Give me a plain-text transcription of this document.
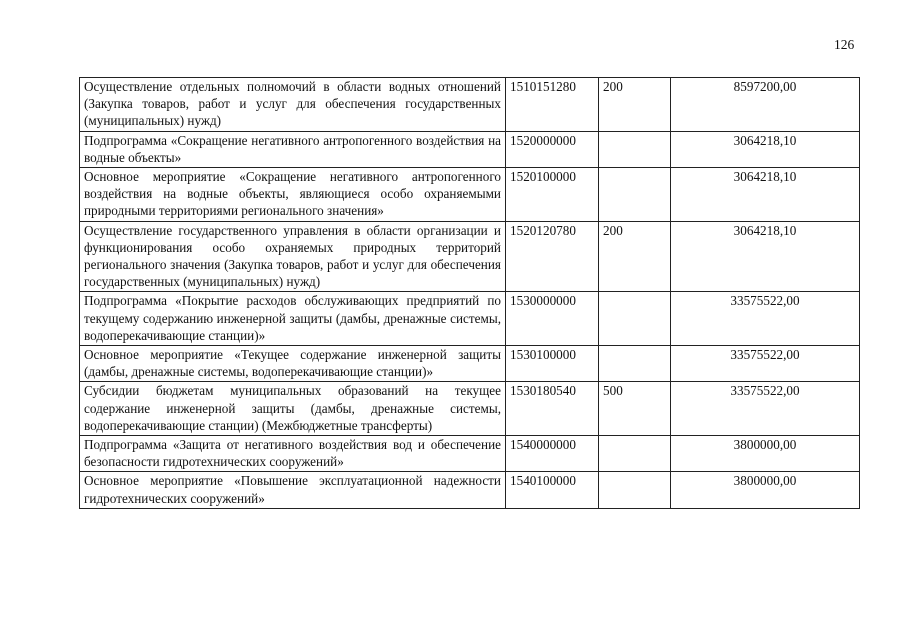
126
Осуществление отдельных полномочий в области водных отношений (Закупка товаров, работ и услуг для обеспечения государственных (муниципальных) нужд)	1510151280	200	8597200,00
Подпрограмма «Сокращение негативного антропогенного воздействия на водные объекты»	1520000000		3064218,10
Основное мероприятие «Сокращение негативного антропогенного воздействия на водные объекты, являющиеся особо охраняемыми природными территориями регионального значения»	1520100000		3064218,10
Осуществление государственного управления в области организации и функционирования особо охраняемых природных территорий регионального значения (Закупка товаров, работ и услуг для обеспечения государственных (муниципальных) нужд)	1520120780	200	3064218,10
Подпрограмма «Покрытие расходов обслуживающих предприятий по текущему содержанию инженерной защиты (дамбы, дренажные системы, водоперекачивающие станции)»	1530000000		33575522,00
Основное мероприятие «Текущее содержание инженерной защиты (дамбы, дренажные системы, водоперекачивающие станции)»	1530100000		33575522,00
Субсидии бюджетам муниципальных образований на текущее содержание инженерной защиты (дамбы, дренажные системы, водоперекачивающие станции) (Межбюджетные трансферты)	1530180540	500	33575522,00
Подпрограмма «Защита от негативного воздействия вод и обеспечение безопасности гидротехнических сооружений»	1540000000		3800000,00
Основное мероприятие «Повышение эксплуатационной надежности гидротехнических сооружений»	1540100000		3800000,00
